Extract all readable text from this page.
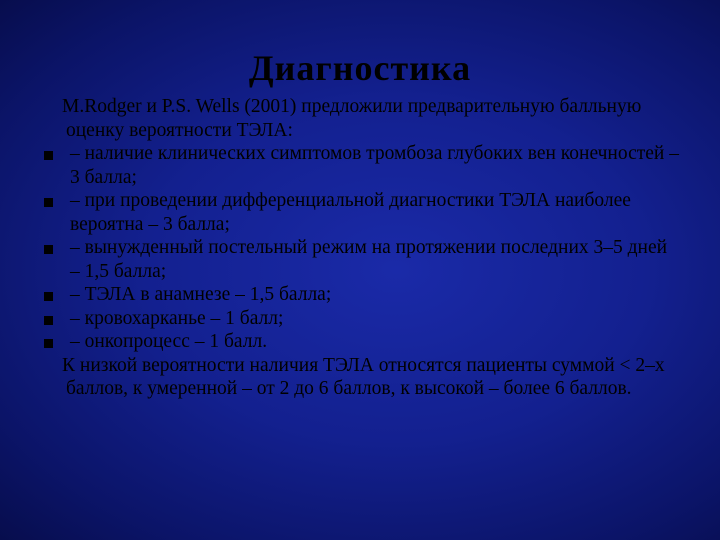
Диагностика

M.Rodger и P.S. Wells (2001) предложили предварительную балльную оценку вероятности ТЭЛА:

– наличие клинических симптомов тромбоза глубоких вен конечностей – 3 балла;
– при проведении дифференциальной диагностики ТЭЛА наиболее вероятна – 3 балла;
– вынужденный постельный режим на протяжении последних 3–5 дней – 1,5 балла;
– ТЭЛА в анамнезе – 1,5 балла;
– кровохарканье – 1 балл;
– онкопроцесс – 1 балл.

К низкой вероятности наличия ТЭЛА относятся пациенты суммой < 2–х баллов, к умеренной – от 2 до 6 баллов, к высокой – более 6 баллов.
